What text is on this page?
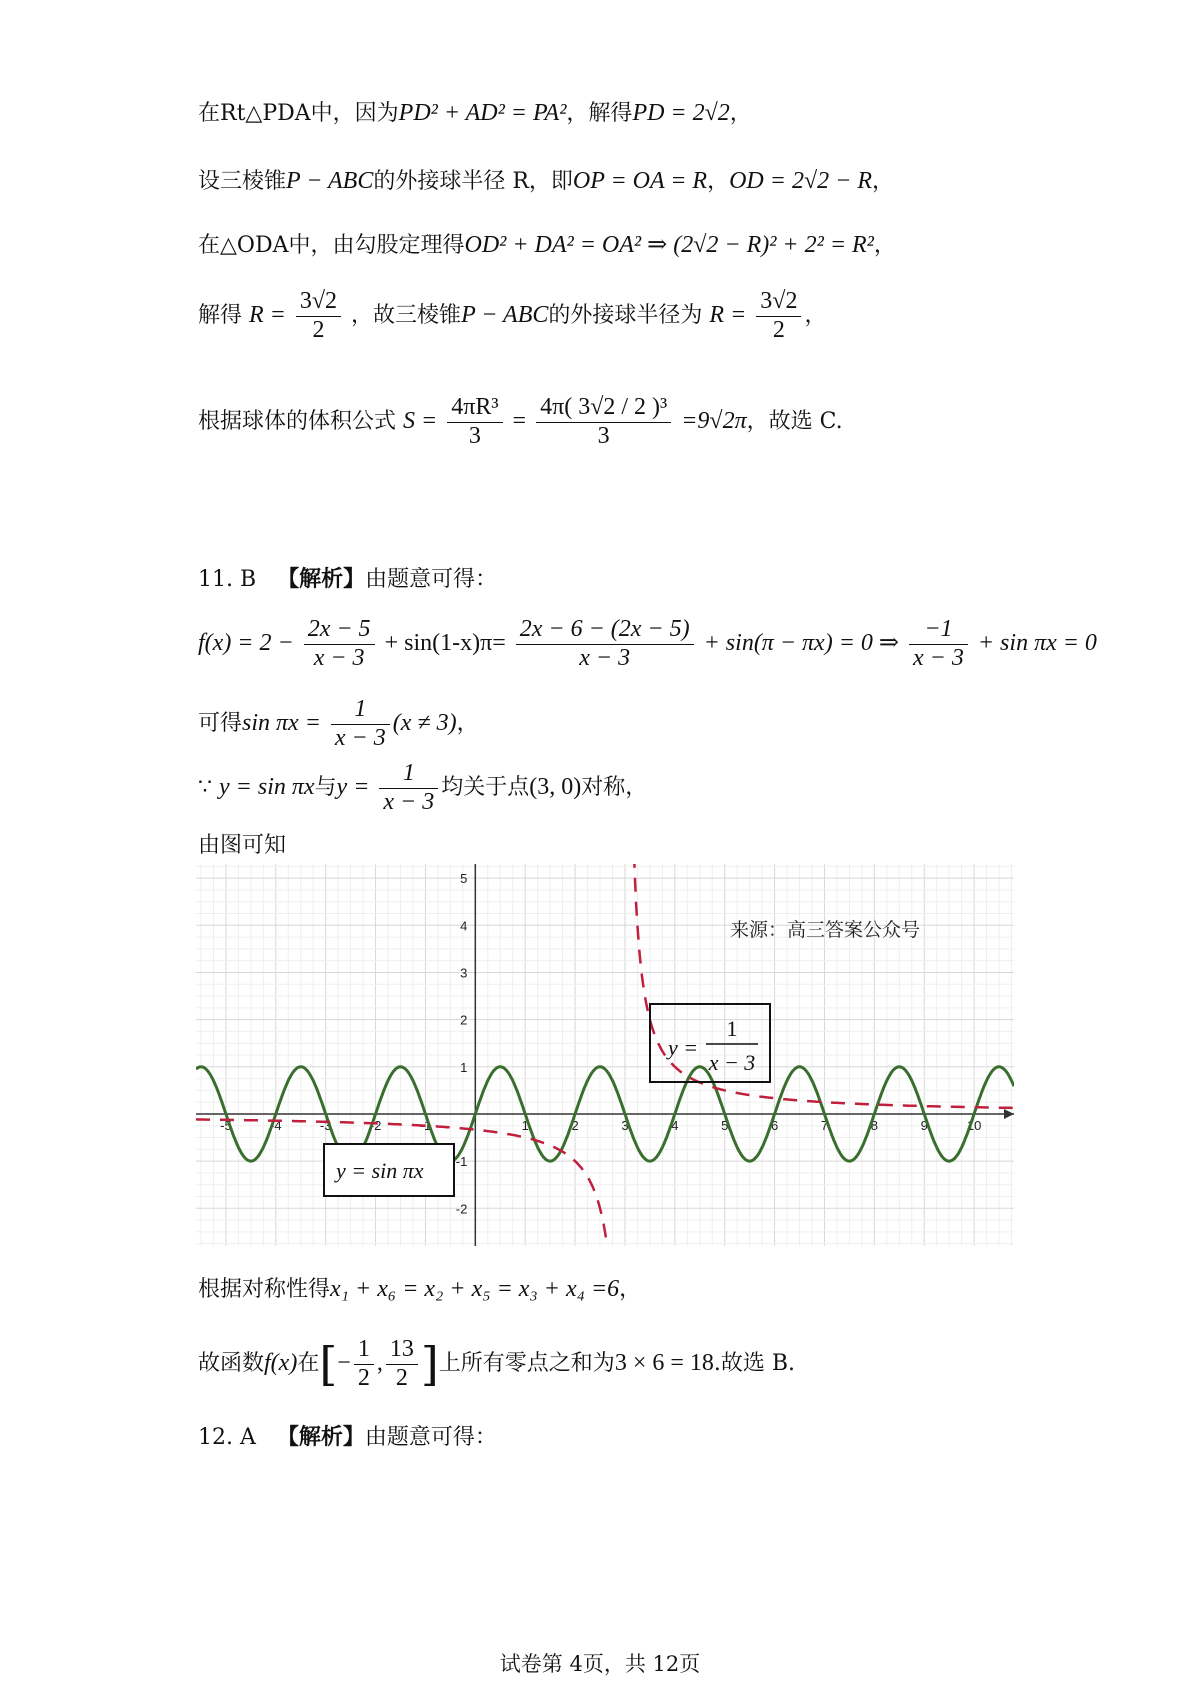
在Rt△PDA中，因为PD² + AD² = PA²，解得PD = 2√2，
设三棱锥P − ABC的外接球半径 R，即OP = OA = R，OD = 2√2 − R，
在△ODA中，由勾股定理得OD² + DA² = OA² ⇒ (2√2 − R)² + 2² = R²，
解得 $R = \frac{3√2}{2}$ ，故三棱锥P − ABC的外接球半径为 $R = \frac{3√2}{2}$ ，
根据球体的体积公式 $S = \frac{\text{4πR³}}{3} = \frac{\text{4π( 3√2 / 2 )³}}{3} =9√2\pi$，故选 C.
11. B 【解析】由题意可得：
$f(x) = 2 - \frac{2x - 5}{x - 3} + \sin(1-x)\pi= \frac{2x - 6 - (2x - 5)}{x - 3} + \sin(\pi - \pi x) = 0$ ⇒ $\frac{-1}{x - 3} + \sin \pi x = 0$
可得$\sin \pi x = \frac{1}{x - 3} (x \ne 3)$，
∵ y = sin πx与$y = \frac{1}{x - 3}$ 均关于点(3, 0)对称，
由图可知
-5	-4	-3	-2	-1	1	2	3	4	5	6	7	8	9	10
5
4
3
2
1
-1
-2
来源：高三答案公众号
y =
1
x − 3
y = sin πx
根据对称性得x₁ + x₆ = x₂ + x₅ = x₃ + x₄ =6，
故函数f(x)在[− $\frac{1}{2}$ , $\frac{13}{2}$ ]上所有零点之和为3 × 6 = 18.故选 B.
12. A 【解析】由题意可得：
试卷第 4页，共 12页
